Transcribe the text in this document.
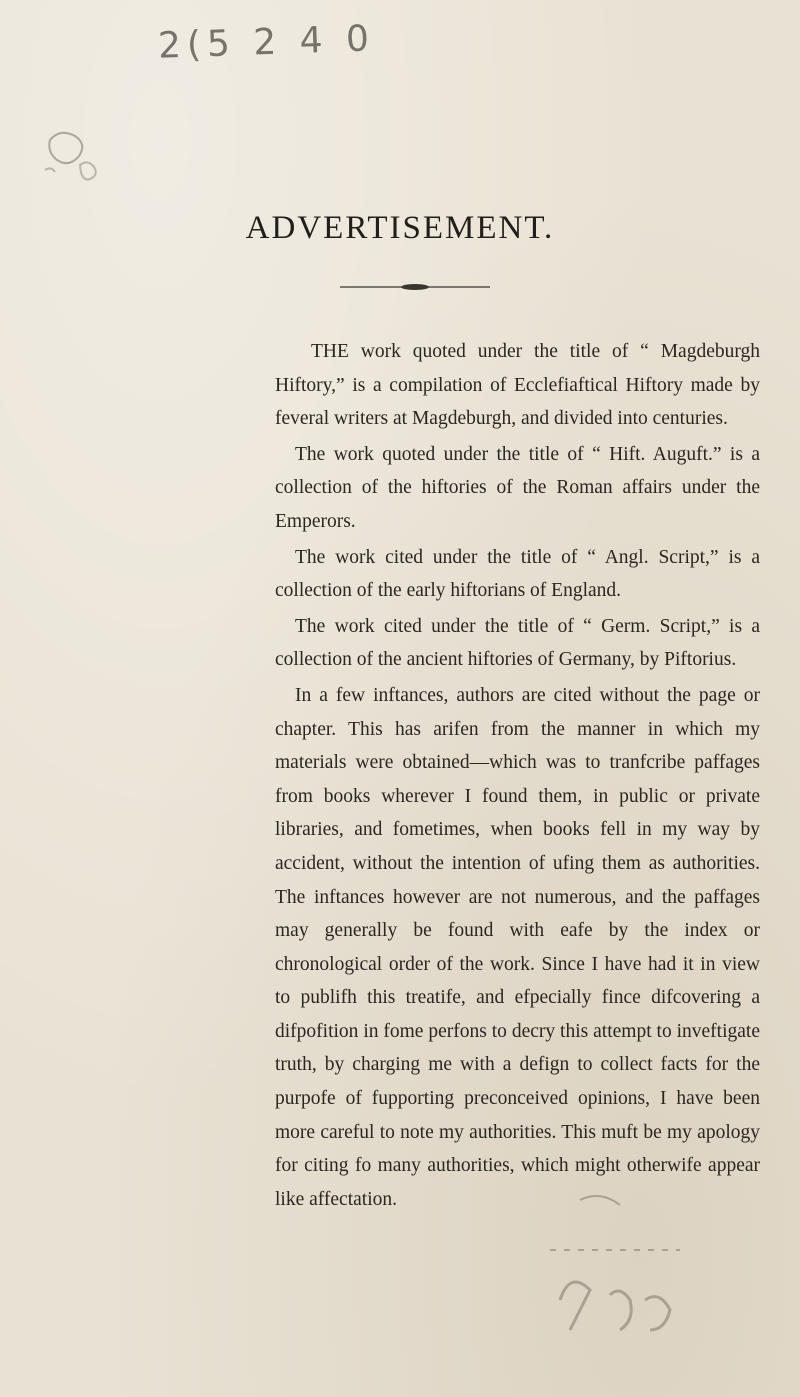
2(5 2 4 0
ADVERTISEMENT.

THE work quoted under the title of “ Magdeburgh Hiftory,” is a compilation of Ecclefiaftical Hiftory made by feveral writers at Magdeburgh, and divided into centuries.

The work quoted under the title of “ Hift. Auguft.” is a collection of the hiftories of the Roman affairs under the Emperors.

The work cited under the title of “ Angl. Script,” is a collection of the early hiftorians of England.

The work cited under the title of “ Germ. Script,” is a collection of the ancient hiftories of Germany, by Piftorius.

In a few inftances, authors are cited without the page or chapter. This has arifen from the manner in which my materials were obtained—which was to tranfcribe paffages from books wherever I found them, in public or private libraries, and fometimes, when books fell in my way by accident, without the intention of ufing them as authorities. The inftances however are not numerous, and the paffages may generally be found with eafe by the index or chronological order of the work. Since I have had it in view to publifh this treatife, and efpecially fince difcovering a difpofition in fome perfons to decry this attempt to inveftigate truth, by charging me with a defign to collect facts for the purpofe of fupporting preconceived opinions, I have been more careful to note my authorities. This muft be my apology for citing fo many authorities, which might otherwife appear like affectation.
